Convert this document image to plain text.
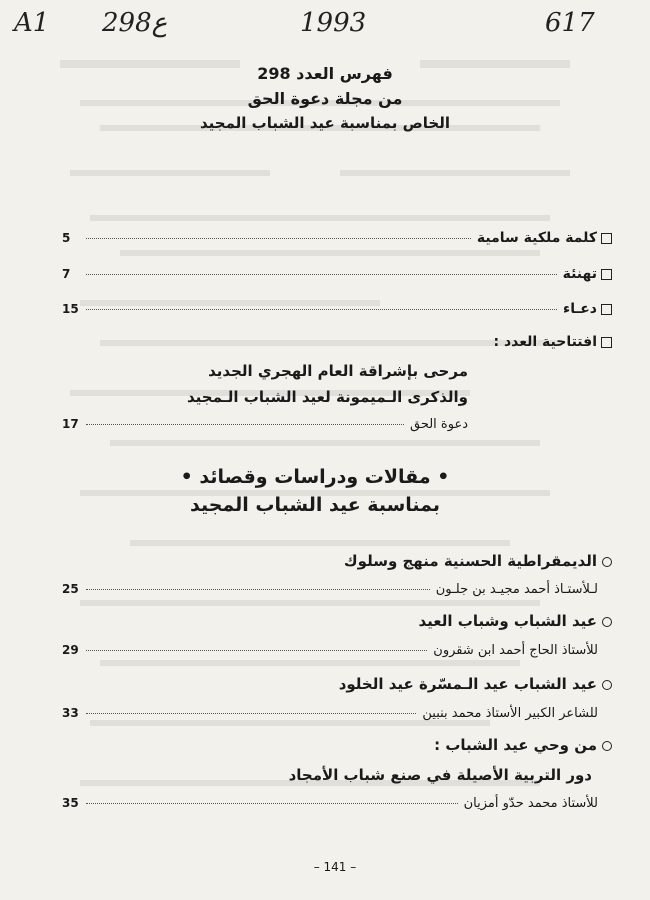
A1 298ع	1993	617
فهرس العدد 298
من مجلة دعوة الحق
الخاص بمناسبة عيد الشباب المجيد
كلمة ملكية سامية
5
تهنئة
7
دعـاء
15
افتتاحية العدد :
مرحى بإشراقة العام الهجري الجديد
والذكرى الـميمونة لعيد الشباب الـمجيد
دعوة الحق
17
• مقالات ودراسات وقصائد •
بمناسبة عيد الشباب المجيد
الديمقراطية الحسنية منهج وسلوك
لـلأستـاذ أحمد مجيـد بن جلـون
25
عيد الشباب وشباب العيد
للأستاذ الحاج أحمد ابن شقرون
29
عيد الشباب عيد الـمسّرة عيد الخلود
للشاعر الكبير الأستاذ محمد بنبين
33
من وحي عيد الشباب :
دور التربية الأصيلة في صنع شباب الأمجاد
للأستاذ محمد حدّو أمزيان
35
– 141 –
